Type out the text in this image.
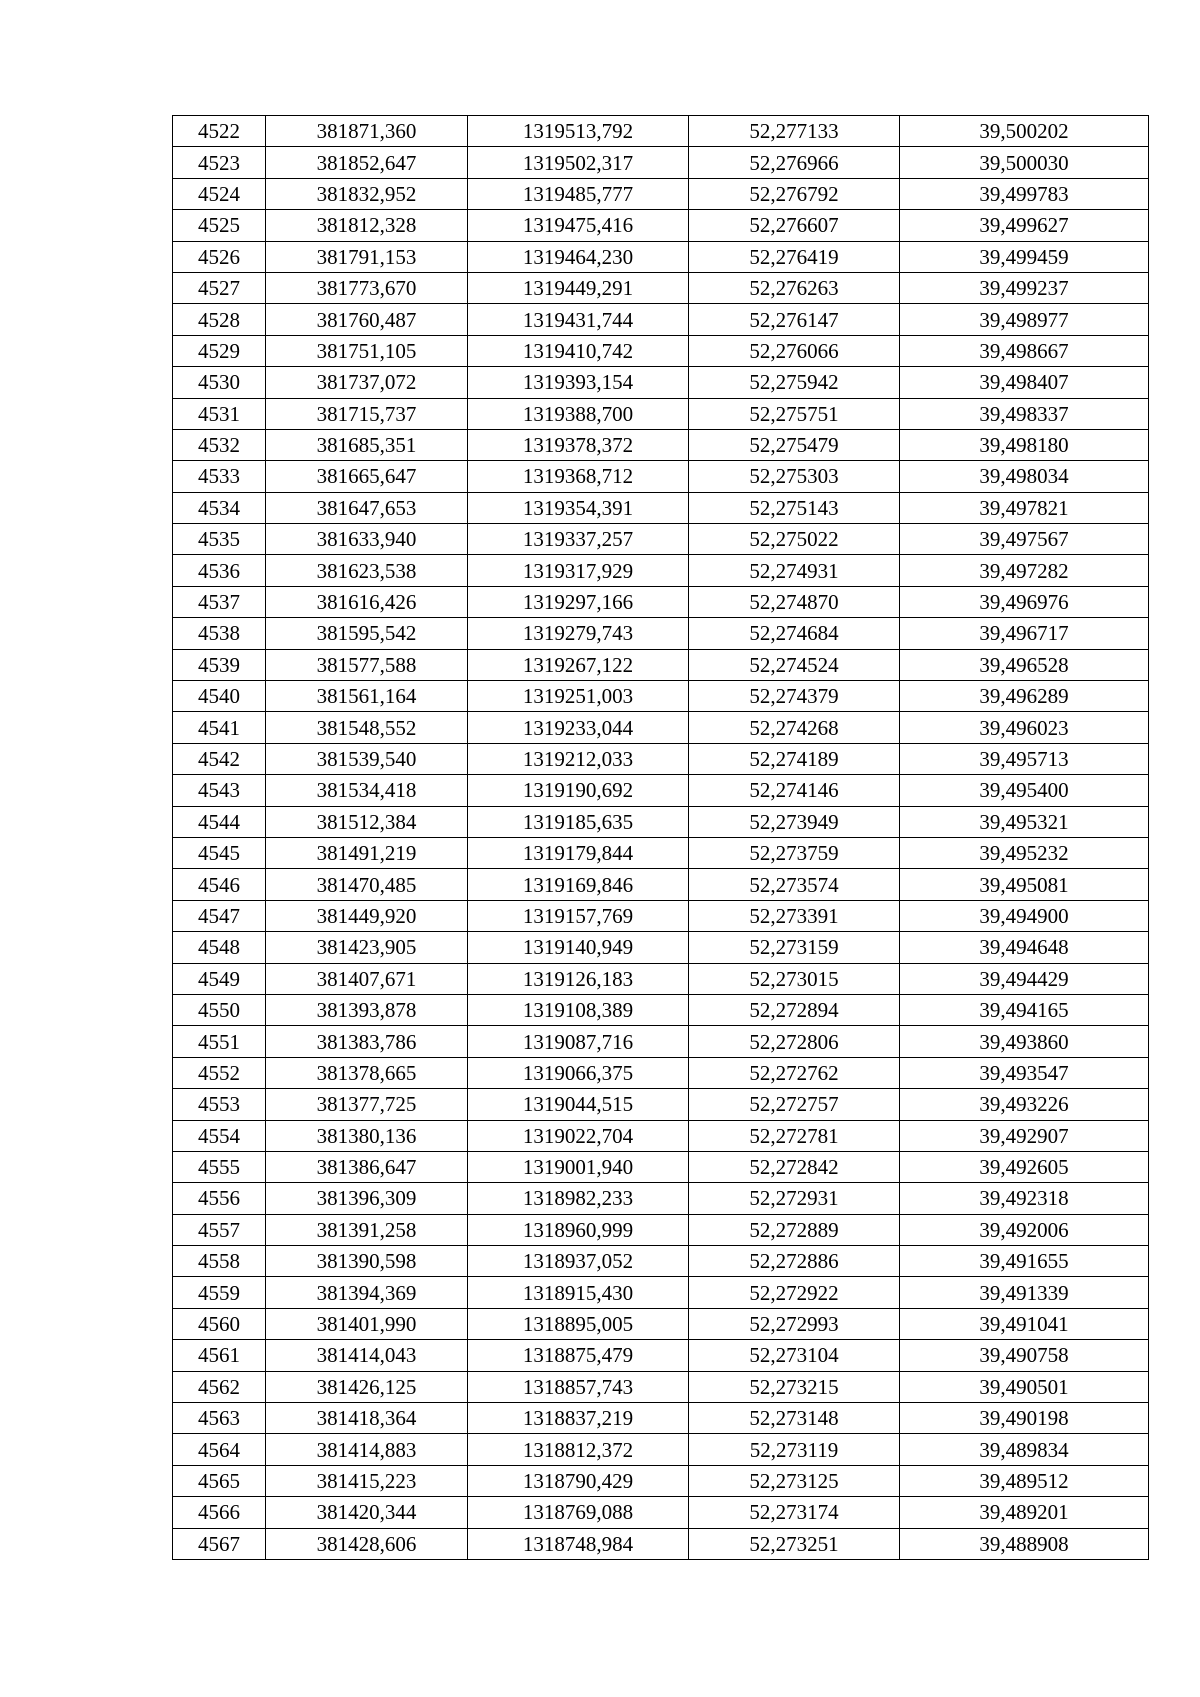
4522	381871,360	1319513,792	52,277133	39,500202
4523	381852,647	1319502,317	52,276966	39,500030
4524	381832,952	1319485,777	52,276792	39,499783
4525	381812,328	1319475,416	52,276607	39,499627
4526	381791,153	1319464,230	52,276419	39,499459
4527	381773,670	1319449,291	52,276263	39,499237
4528	381760,487	1319431,744	52,276147	39,498977
4529	381751,105	1319410,742	52,276066	39,498667
4530	381737,072	1319393,154	52,275942	39,498407
4531	381715,737	1319388,700	52,275751	39,498337
4532	381685,351	1319378,372	52,275479	39,498180
4533	381665,647	1319368,712	52,275303	39,498034
4534	381647,653	1319354,391	52,275143	39,497821
4535	381633,940	1319337,257	52,275022	39,497567
4536	381623,538	1319317,929	52,274931	39,497282
4537	381616,426	1319297,166	52,274870	39,496976
4538	381595,542	1319279,743	52,274684	39,496717
4539	381577,588	1319267,122	52,274524	39,496528
4540	381561,164	1319251,003	52,274379	39,496289
4541	381548,552	1319233,044	52,274268	39,496023
4542	381539,540	1319212,033	52,274189	39,495713
4543	381534,418	1319190,692	52,274146	39,495400
4544	381512,384	1319185,635	52,273949	39,495321
4545	381491,219	1319179,844	52,273759	39,495232
4546	381470,485	1319169,846	52,273574	39,495081
4547	381449,920	1319157,769	52,273391	39,494900
4548	381423,905	1319140,949	52,273159	39,494648
4549	381407,671	1319126,183	52,273015	39,494429
4550	381393,878	1319108,389	52,272894	39,494165
4551	381383,786	1319087,716	52,272806	39,493860
4552	381378,665	1319066,375	52,272762	39,493547
4553	381377,725	1319044,515	52,272757	39,493226
4554	381380,136	1319022,704	52,272781	39,492907
4555	381386,647	1319001,940	52,272842	39,492605
4556	381396,309	1318982,233	52,272931	39,492318
4557	381391,258	1318960,999	52,272889	39,492006
4558	381390,598	1318937,052	52,272886	39,491655
4559	381394,369	1318915,430	52,272922	39,491339
4560	381401,990	1318895,005	52,272993	39,491041
4561	381414,043	1318875,479	52,273104	39,490758
4562	381426,125	1318857,743	52,273215	39,490501
4563	381418,364	1318837,219	52,273148	39,490198
4564	381414,883	1318812,372	52,273119	39,489834
4565	381415,223	1318790,429	52,273125	39,489512
4566	381420,344	1318769,088	52,273174	39,489201
4567	381428,606	1318748,984	52,273251	39,488908
